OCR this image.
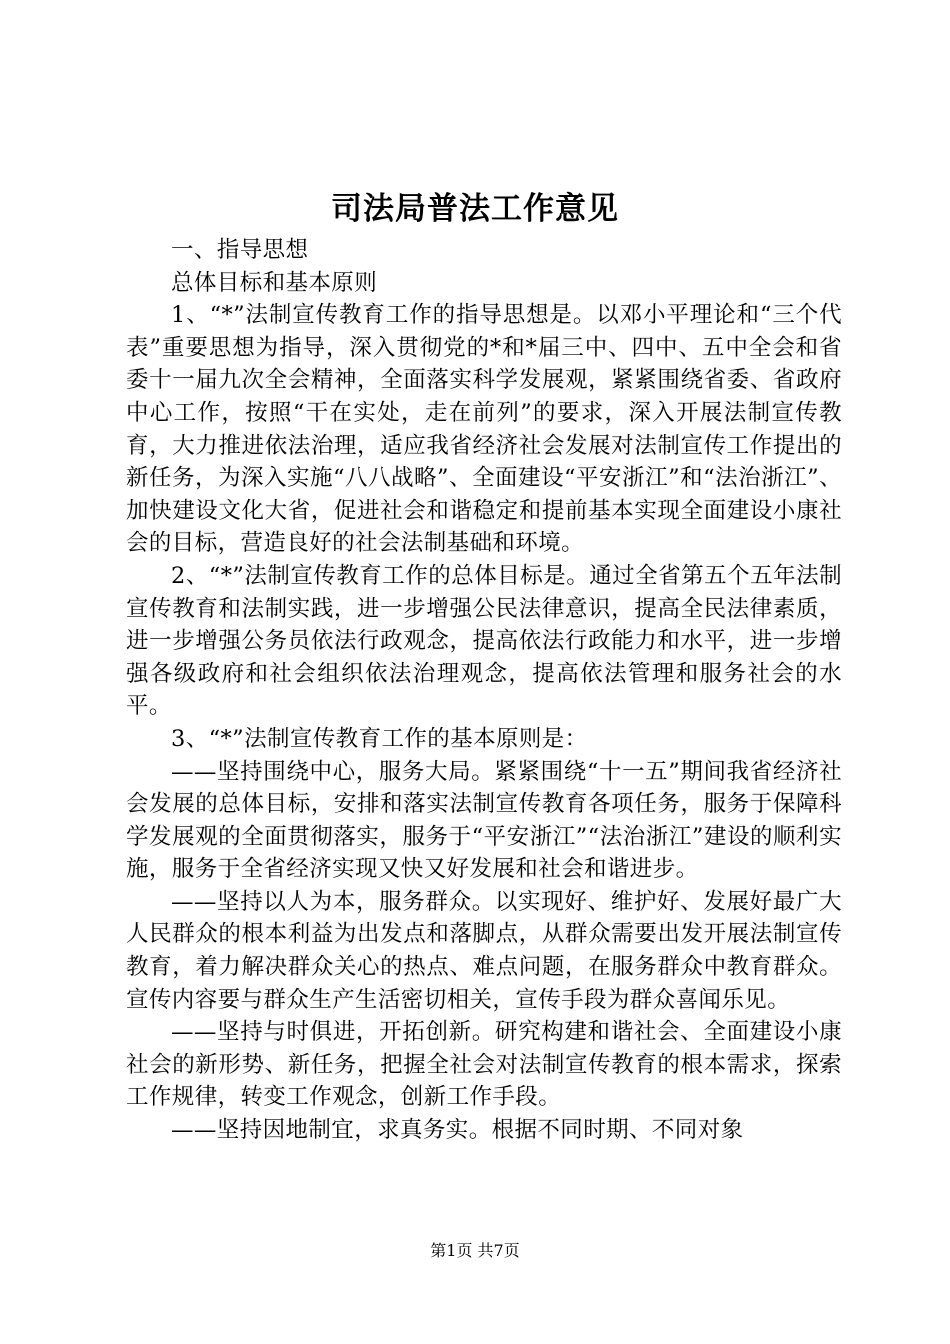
司法局普法工作意见

一、指导思想

总体目标和基本原则

1、“*”法制宣传教育工作的指导思想是。以邓小平理论和“三个代表”重要思想为指导，深入贯彻党的*和*届三中、四中、五中全会和省委十一届九次全会精神，全面落实科学发展观，紧紧围绕省委、省政府中心工作，按照“干在实处，走在前列”的要求，深入开展法制宣传教育，大力推进依法治理，适应我省经济社会发展对法制宣传工作提出的新任务，为深入实施“八八战略”、全面建设“平安浙江”和“法治浙江”、加快建设文化大省，促进社会和谐稳定和提前基本实现全面建设小康社会的目标，营造良好的社会法制基础和环境。

2、“*”法制宣传教育工作的总体目标是。通过全省第五个五年法制宣传教育和法制实践，进一步增强公民法律意识，提高全民法律素质，进一步增强公务员依法行政观念，提高依法行政能力和水平，进一步增强各级政府和社会组织依法治理观念，提高依法管理和服务社会的水平。

3、“*”法制宣传教育工作的基本原则是：

——坚持围绕中心，服务大局。紧紧围绕“十一五”期间我省经济社会发展的总体目标，安排和落实法制宣传教育各项任务，服务于保障科学发展观的全面贯彻落实，服务于“平安浙江”“法治浙江”建设的顺利实施，服务于全省经济实现又快又好发展和社会和谐进步。

——坚持以人为本，服务群众。以实现好、维护好、发展好最广大人民群众的根本利益为出发点和落脚点，从群众需要出发开展法制宣传教育，着力解决群众关心的热点、难点问题，在服务群众中教育群众。宣传内容要与群众生产生活密切相关，宣传手段为群众喜闻乐见。

——坚持与时俱进，开拓创新。研究构建和谐社会、全面建设小康社会的新形势、新任务，把握全社会对法制宣传教育的根本需求，探索工作规律，转变工作观念，创新工作手段。

——坚持因地制宜，求真务实。根据不同时期、不同对象

第1页 共7页
